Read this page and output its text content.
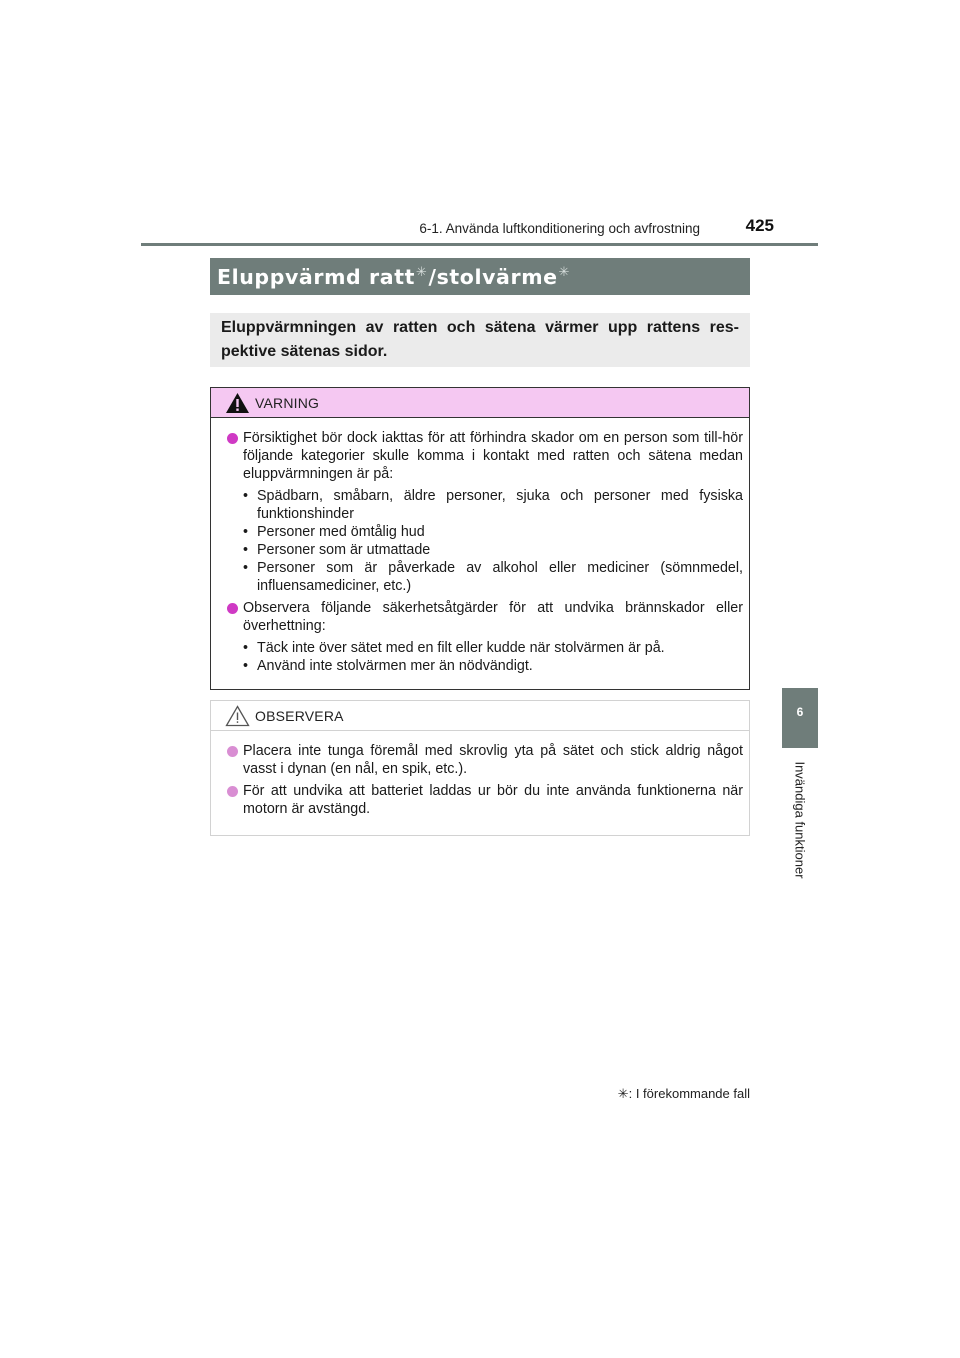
6-1. Använda luftkonditionering och avfrostning	425
6
Invändiga funktioner
Eluppvärmd ratt✳/stolvärme✳
Eluppvärmningen av ratten och sätena värmer upp rattens res-pektive sätenas sidor.
VARNING
Försiktighet bör dock iakttas för att förhindra skador om en person som till-hör följande kategorier skulle komma i kontakt med ratten och sätena medan eluppvärmningen är på:
• Spädbarn, småbarn, äldre personer, sjuka och personer med fysiska funktionshinder
• Personer med ömtålig hud
• Personer som är utmattade
• Personer som är påverkade av alkohol eller mediciner (sömnmedel, influensamediciner, etc.)
Observera följande säkerhetsåtgärder för att undvika brännskador eller överhettning:
• Täck inte över sätet med en filt eller kudde när stolvärmen är på.
• Använd inte stolvärmen mer än nödvändigt.
OBSERVERA
Placera inte tunga föremål med skrovlig yta på sätet och stick aldrig något vasst i dynan (en nål, en spik, etc.).
För att undvika att batteriet laddas ur bör du inte använda funktionerna när motorn är avstängd.
✳: I förekommande fall
